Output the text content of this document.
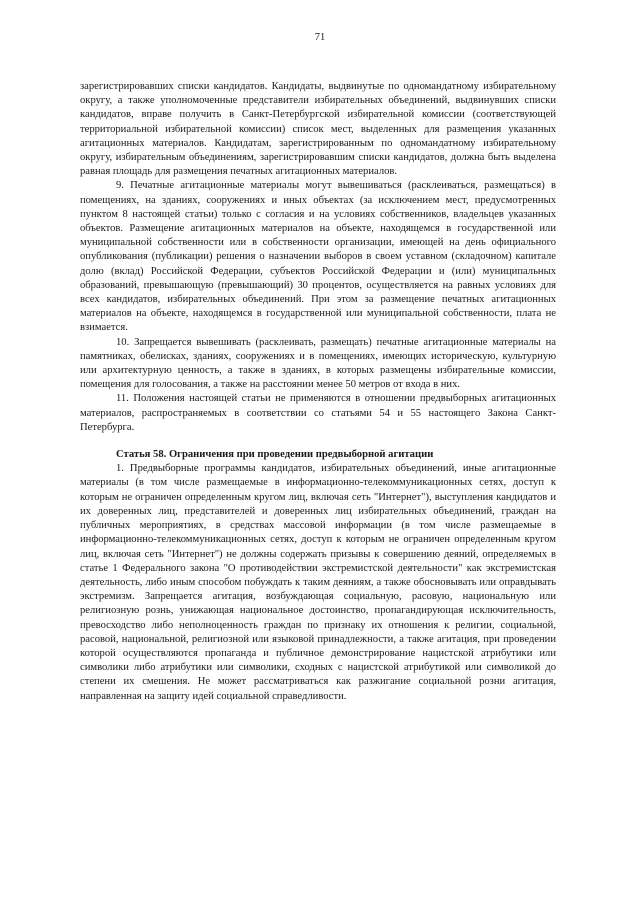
71

зарегистрировавших списки кандидатов. Кандидаты, выдвинутые по одномандатному избирательному округу, а также уполномоченные представители избирательных объединений, выдвинувших списки кандидатов, вправе получить в Санкт-Петербургской избирательной комиссии (соответствующей территориальной избирательной комиссии) список мест, выделенных для размещения указанных агитационных материалов. Кандидатам, зарегистрированным по одномандатному избирательному округу, избирательным объединениям, зарегистрировавшим списки кандидатов, должна быть выделена равная площадь для размещения печатных агитационных материалов.

9. Печатные агитационные материалы могут вывешиваться (расклеиваться, размещаться) в помещениях, на зданиях, сооружениях и иных объектах (за исключением мест, предусмотренных пунктом 8 настоящей статьи) только с согласия и на условиях собственников, владельцев указанных объектов. Размещение агитационных материалов на объекте, находящемся в государственной или муниципальной собственности или в собственности организации, имеющей на день официального опубликования (публикации) решения о назначении выборов в своем уставном (складочном) капитале долю (вклад) Российской Федерации, субъектов Российской Федерации и (или) муниципальных образований, превышающую (превышающий) 30 процентов, осуществляется на равных условиях для всех кандидатов, избирательных объединений. При этом за размещение печатных агитационных материалов на объекте, находящемся в государственной или муниципальной собственности, плата не взимается.

10. Запрещается вывешивать (расклеивать, размещать) печатные агитационные материалы на памятниках, обелисках, зданиях, сооружениях и в помещениях, имеющих историческую, культурную или архитектурную ценность, а также в зданиях, в которых размещены избирательные комиссии, помещения для голосования, а также на расстоянии менее 50 метров от входа в них.

11. Положения настоящей статьи не применяются в отношении предвыборных агитационных материалов, распространяемых в соответствии со статьями 54 и 55 настоящего Закона Санкт-Петербурга.

Статья 58. Ограничения при проведении предвыборной агитации

1. Предвыборные программы кандидатов, избирательных объединений, иные агитационные материалы (в том числе размещаемые в информационно-телекоммуникационных сетях, доступ к которым не ограничен определенным кругом лиц, включая сеть "Интернет"), выступления кандидатов и их доверенных лиц, представителей и доверенных лиц избирательных объединений, граждан на публичных мероприятиях, в средствах массовой информации (в том числе размещаемые в информационно-телекоммуникационных сетях, доступ к которым не ограничен определенным кругом лиц, включая сеть "Интернет") не должны содержать призывы к совершению деяний, определяемых в статье 1 Федерального закона "О противодействии экстремистской деятельности" как экстремистская деятельность, либо иным способом побуждать к таким деяниям, а также обосновывать или оправдывать экстремизм. Запрещается агитация, возбуждающая социальную, расовую, национальную или религиозную рознь, унижающая национальное достоинство, пропагандирующая исключительность, превосходство либо неполноценность граждан по признаку их отношения к религии, социальной, расовой, национальной, религиозной или языковой принадлежности, а также агитация, при проведении которой осуществляются пропаганда и публичное демонстрирование нацистской атрибутики или символики либо атрибутики или символики, сходных с нацистской атрибутикой или символикой до степени их смешения. Не может рассматриваться как разжигание социальной розни агитация, направленная на защиту идей социальной справедливости.
